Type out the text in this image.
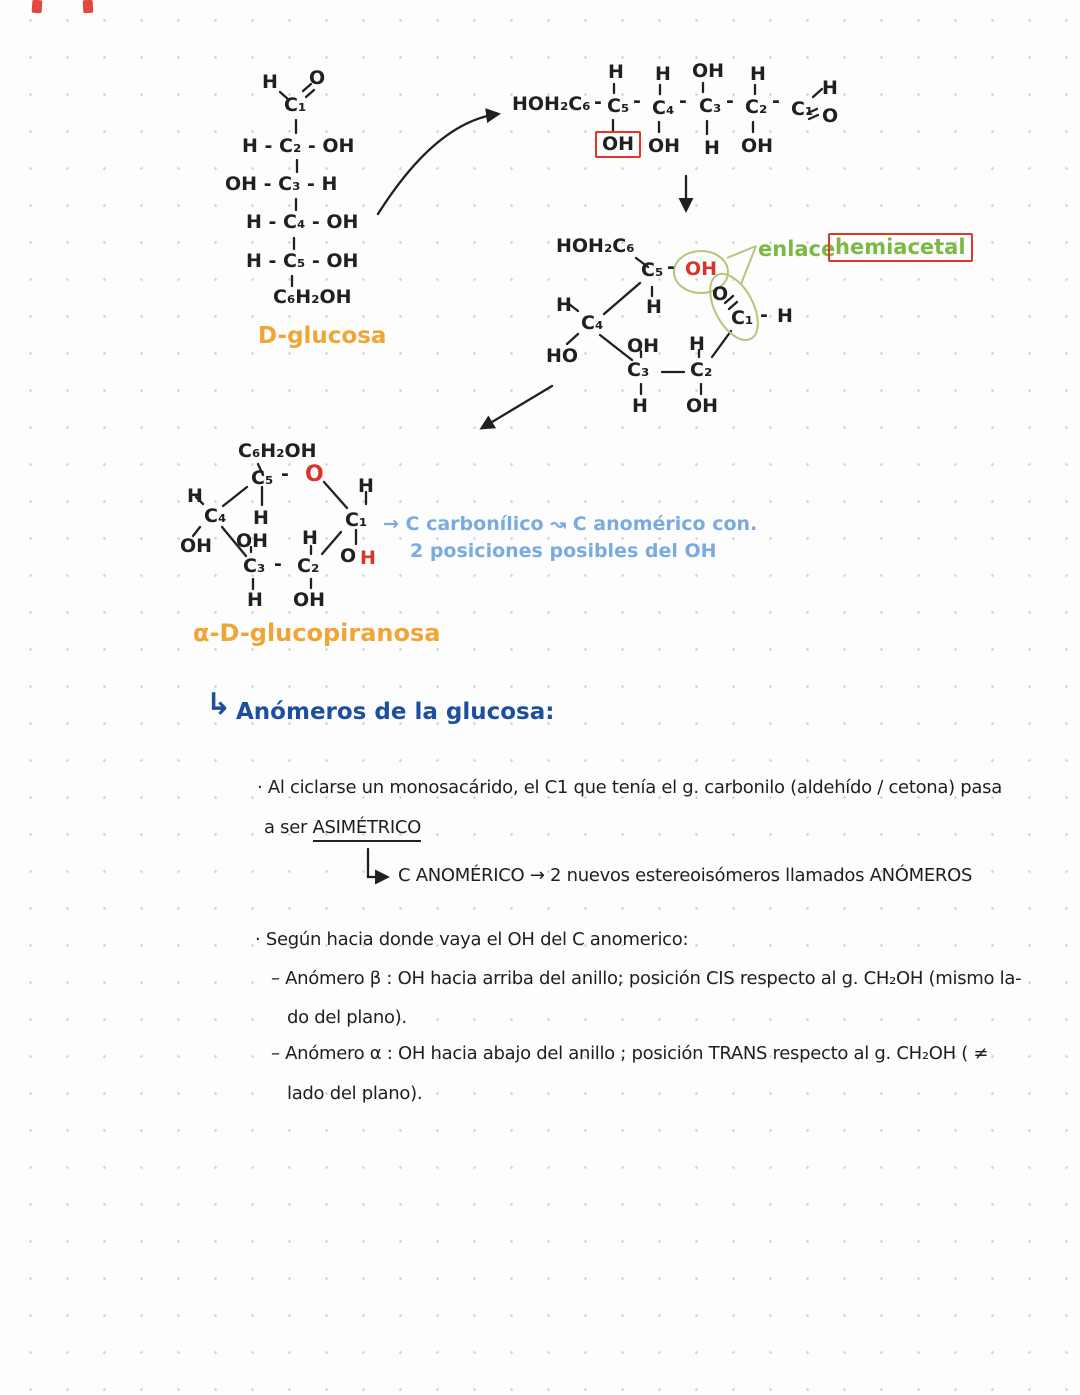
H O
C₁
H - C₂ - OH
OH - C₃ - H
H - C₄ - OH
H - C₅ - OH
C₆H₂OH
D-glucosa
HOH₂C₆ - C₅ - C₄ - C₃ - C₂ - C₁
H
O
H H OH H
OH OH H OH
HOH₂C₆
C₅ - OH
H
C₄
H
HO	OH
C₃
H
C₂
H
OH
C₁
O
- H
enlace hemiacetal
C₆H₂OH
C₅ - O H
C₄
H
OH
H
OH
C₃
H
- C₂
H
OH
C₁
O H
α-D-glucopiranosa
→ C carbonílico ↝ C anomérico con.
2 posiciones posibles del OH
↳ Anómeros de la glucosa:
· Al ciclarse un monosacárido, el C1 que tenía el g. carbonilo (aldehído / cetona) pasa
a ser ASIMÉTRICO
C ANOMÉRICO → 2 nuevos estereoisómeros llamados ANÓMEROS
· Según hacia donde vaya el OH del C anomerico:
– Anómero β : OH hacia arriba del anillo; posición CIS respecto al g. CH₂OH (mismo la-
do del plano).
– Anómero α : OH hacia abajo del anillo ; posición TRANS respecto al g. CH₂OH ( ≠
lado del plano).
